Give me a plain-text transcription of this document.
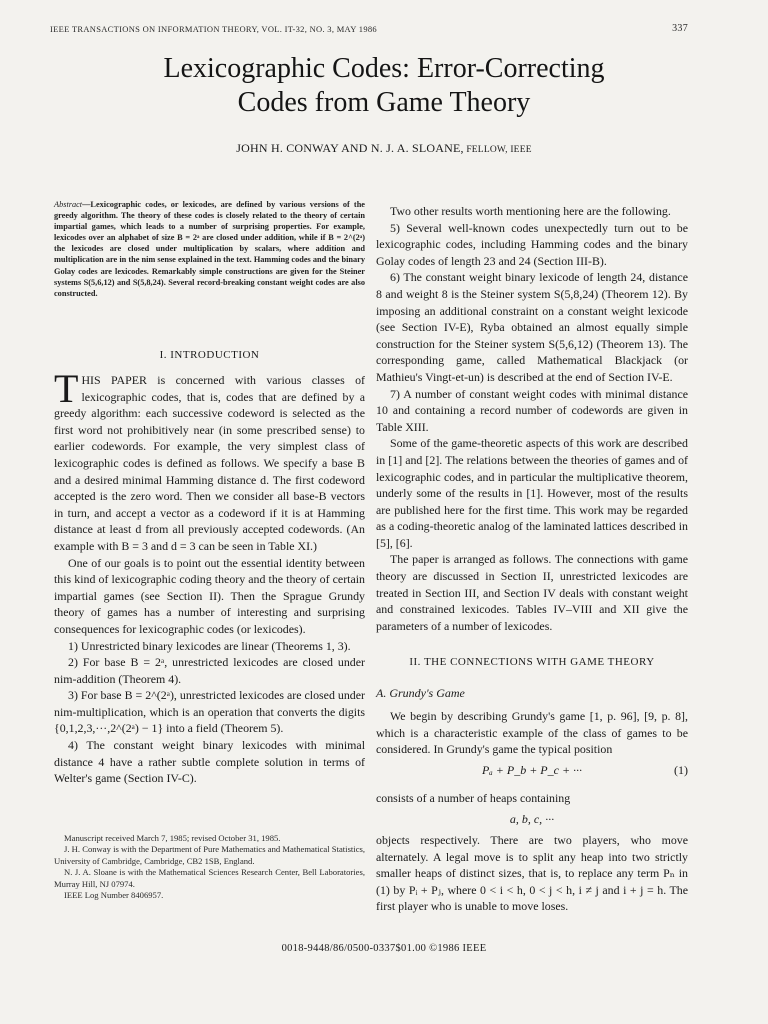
IEEE TRANSACTIONS ON INFORMATION THEORY, VOL. IT-32, NO. 3, MAY 1986	337
Lexicographic Codes: Error-Correcting
Codes from Game Theory
JOHN H. CONWAY AND N. J. A. SLOANE, FELLOW, IEEE
Abstract—Lexicographic codes, or lexicodes, are defined by various versions of the greedy algorithm. The theory of these codes is closely related to the theory of certain impartial games, which leads to a number of surprising properties. For example, lexicodes over an alphabet of size B = 2ᵃ are closed under addition, while if B = 2^(2ᵃ) the lexicodes are closed under multiplication by scalars, where addition and multiplication are in the nim sense explained in the text. Hamming codes and the binary Golay codes are lexicodes. Remarkably simple constructions are given for the Steiner systems S(5,6,12) and S(5,8,24). Several record-breaking constant weight codes are also constructed.
I. INTRODUCTION

THIS PAPER is concerned with various classes of lexicographic codes, that is, codes that are defined by a greedy algorithm: each successive codeword is selected as the first word not prohibitively near (in some prescribed sense) to earlier codewords. For example, the very simplest class of lexicographic codes is defined as follows. We specify a base B and a desired minimal Hamming distance d. The first codeword accepted is the zero word. Then we consider all base-B vectors in turn, and accept a vector as a codeword if it is at Hamming distance at least d from all previously accepted codewords. (An example with B = 3 and d = 3 can be seen in Table XI.)

One of our goals is to point out the essential identity between this kind of lexicographic coding theory and the theory of certain impartial games (see Section II). Then the Sprague Grundy theory of games has a number of interesting and surprising consequences for lexicographic codes (or lexicodes).

1) Unrestricted binary lexicodes are linear (Theorems 1, 3).

2) For base B = 2ᵃ, unrestricted lexicodes are closed under nim-addition (Theorem 4).

3) For base B = 2^(2ᵃ), unrestricted lexicodes are closed under nim-multiplication, which is an operation that converts the digits {0,1,2,3,···,2^(2ᵃ) − 1} into a field (Theorem 5).

4) The constant weight binary lexicodes with minimal distance 4 have a rather subtle complete solution in terms of Welter's game (Section IV-C).

Manuscript received March 7, 1985; revised October 31, 1985.

J. H. Conway is with the Department of Pure Mathematics and Mathematical Statistics, University of Cambridge, Cambridge, CB2 1SB, England.

N. J. A. Sloane is with the Mathematical Sciences Research Center, Bell Laboratories, Murray Hill, NJ 07974.

IEEE Log Number 8406957.

Two other results worth mentioning here are the following.

5) Several well-known codes unexpectedly turn out to be lexicographic codes, including Hamming codes and the binary Golay codes of length 23 and 24 (Section III-B).

6) The constant weight binary lexicode of length 24, distance 8 and weight 8 is the Steiner system S(5,8,24) (Theorem 12). By imposing an additional constraint on a constant weight lexicode (see Section IV-E), Ryba obtained an almost equally simple construction for the Steiner system S(5,6,12) (Theorem 13). The corresponding game, called Mathematical Blackjack (or Mathieu's Vingt-et-un) is described at the end of Section IV-E.

7) A number of constant weight codes with minimal distance 10 and containing a record number of codewords are given in Table XIII.

Some of the game-theoretic aspects of this work are described in [1] and [2]. The relations between the theories of games and of lexicographic codes, and in particular the multiplicative theorem, underly some of the results in [1]. However, most of the results are published here for the first time. This work may be regarded as a coding-theoretic analog of the laminated lattices described in [5], [6].

The paper is arranged as follows. The connections with game theory are discussed in Section II, unrestricted lexicodes are treated in Section III, and Section IV deals with constant weight and constrained lexicodes. Tables IV–VIII and XII give the parameters of a number of lexicodes.

II. THE CONNECTIONS WITH GAME THEORY
A. Grundy's Game

We begin by describing Grundy's game [1, p. 96], [9, p. 8], which is a characteristic example of the class of games to be considered. In Grundy's game the typical position

Pₐ + P_b + P_c + ···	(1)

consists of a number of heaps containing

a, b, c, ···

objects respectively. There are two players, who move alternately. A legal move is to split any heap into two strictly smaller heaps of distinct sizes, that is, to replace any term Pₙ in (1) by Pᵢ + Pⱼ, where 0 < i < h, 0 < j < h, i ≠ j and i + j = h. The first player who is unable to move loses.

0018-9448/86/0500-0337$01.00 ©1986 IEEE
